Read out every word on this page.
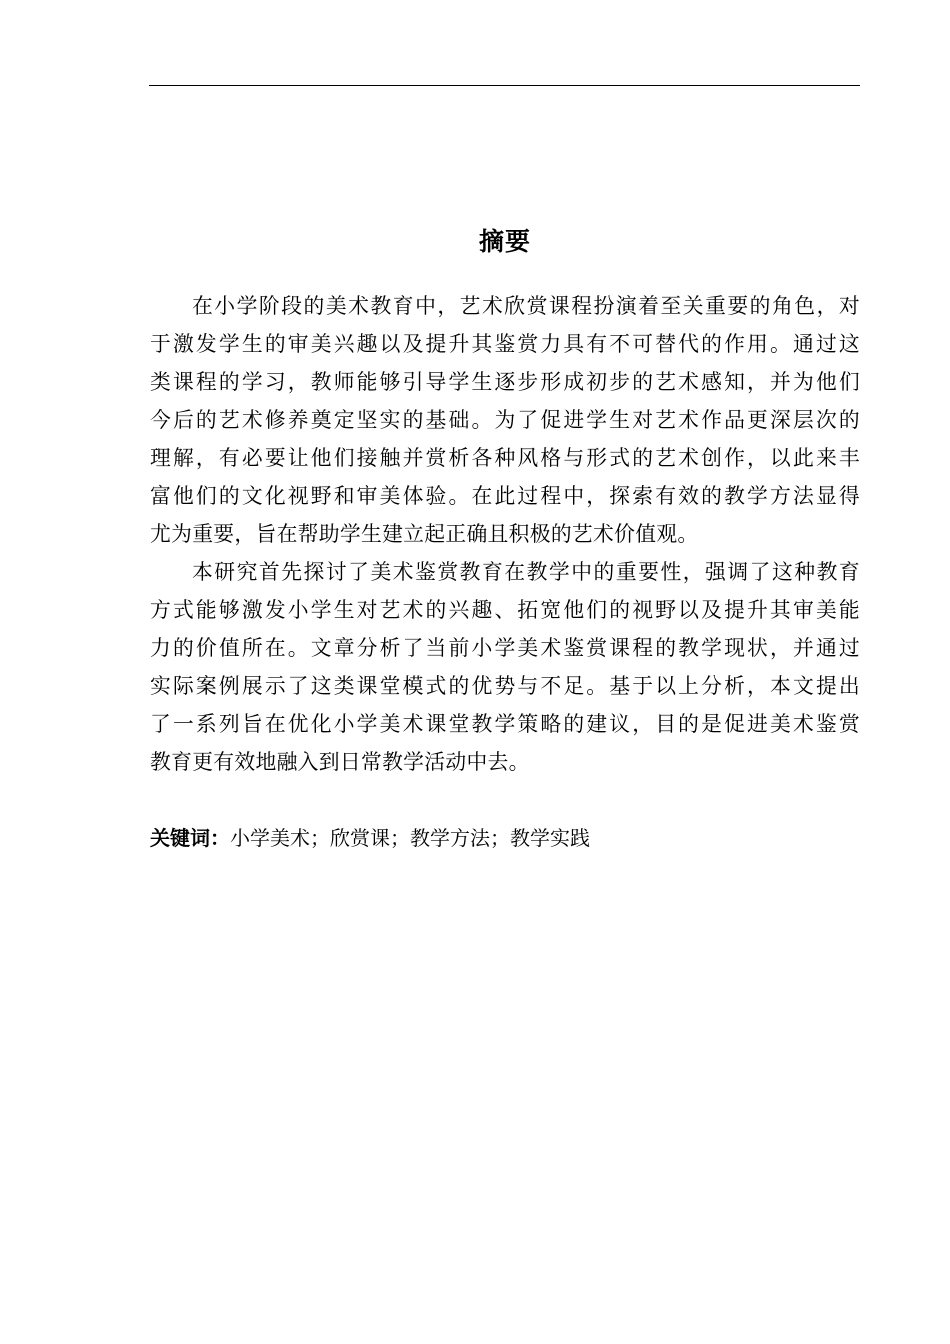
摘要

在小学阶段的美术教育中，艺术欣赏课程扮演着至关重要的角色，对
于激发学生的审美兴趣以及提升其鉴赏力具有不可替代的作用。通过这
类课程的学习，教师能够引导学生逐步形成初步的艺术感知，并为他们
今后的艺术修养奠定坚实的基础。为了促进学生对艺术作品更深层次的
理解，有必要让他们接触并赏析各种风格与形式的艺术创作，以此来丰
富他们的文化视野和审美体验。在此过程中，探索有效的教学方法显得
尤为重要，旨在帮助学生建立起正确且积极的艺术价值观。

本研究首先探讨了美术鉴赏教育在教学中的重要性，强调了这种教育
方式能够激发小学生对艺术的兴趣、拓宽他们的视野以及提升其审美能
力的价值所在。文章分析了当前小学美术鉴赏课程的教学现状，并通过
实际案例展示了这类课堂模式的优势与不足。基于以上分析，本文提出
了一系列旨在优化小学美术课堂教学策略的建议，目的是促进美术鉴赏
教育更有效地融入到日常教学活动中去。

关键词：小学美术；欣赏课；教学方法；教学实践
